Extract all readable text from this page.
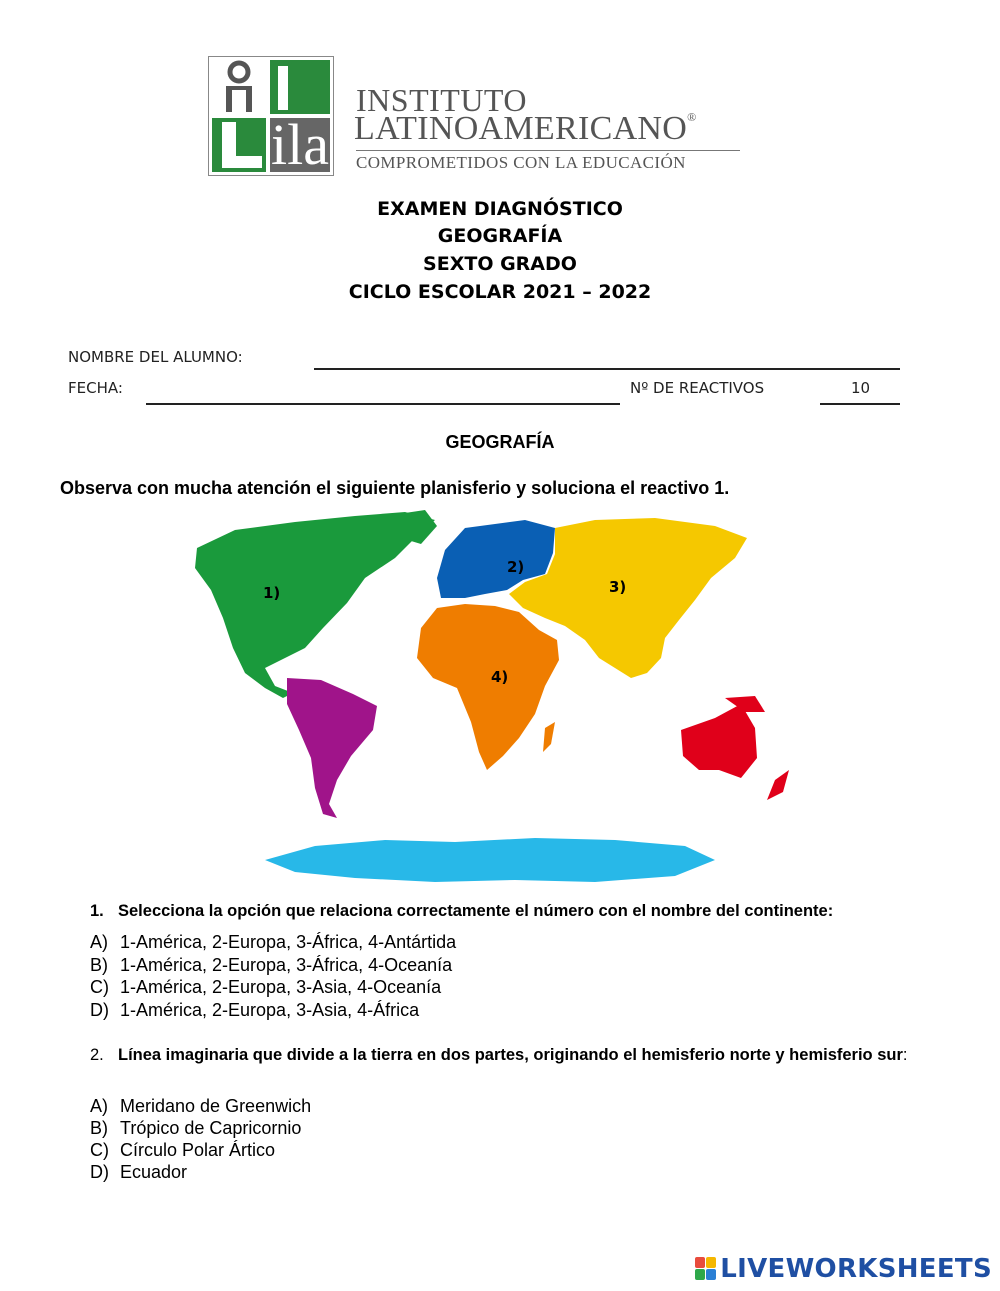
ila
INSTITUTO
LATINOAMERICANO®
COMPROMETIDOS CON LA EDUCACIÓN
EXAMEN DIAGNÓSTICO
GEOGRAFÍA
SEXTO GRADO
CICLO ESCOLAR 2021 – 2022
NOMBRE DEL ALUMNO:
FECHA:	Nº DE REACTIVOS	10
GEOGRAFÍA
Observa con mucha atención el siguiente planisferio y soluciona el reactivo 1.
1)
2)
3)
4)
1. Selecciona la opción que relaciona correctamente el número con el nombre del continente:
A) 1-América, 2-Europa, 3-África, 4-Antártida
B) 1-América, 2-Europa, 3-África, 4-Oceanía
C) 1-América, 2-Europa, 3-Asia, 4-Oceanía
D) 1-América, 2-Europa, 3-Asia, 4-África
2. Línea imaginaria que divide a la tierra en dos partes, originando el hemisferio norte y hemisferio sur:
A) Meridano de Greenwich
B) Trópico de Capricornio
C) Círculo Polar Ártico
D) Ecuador
LIVEWORKSHEETS
